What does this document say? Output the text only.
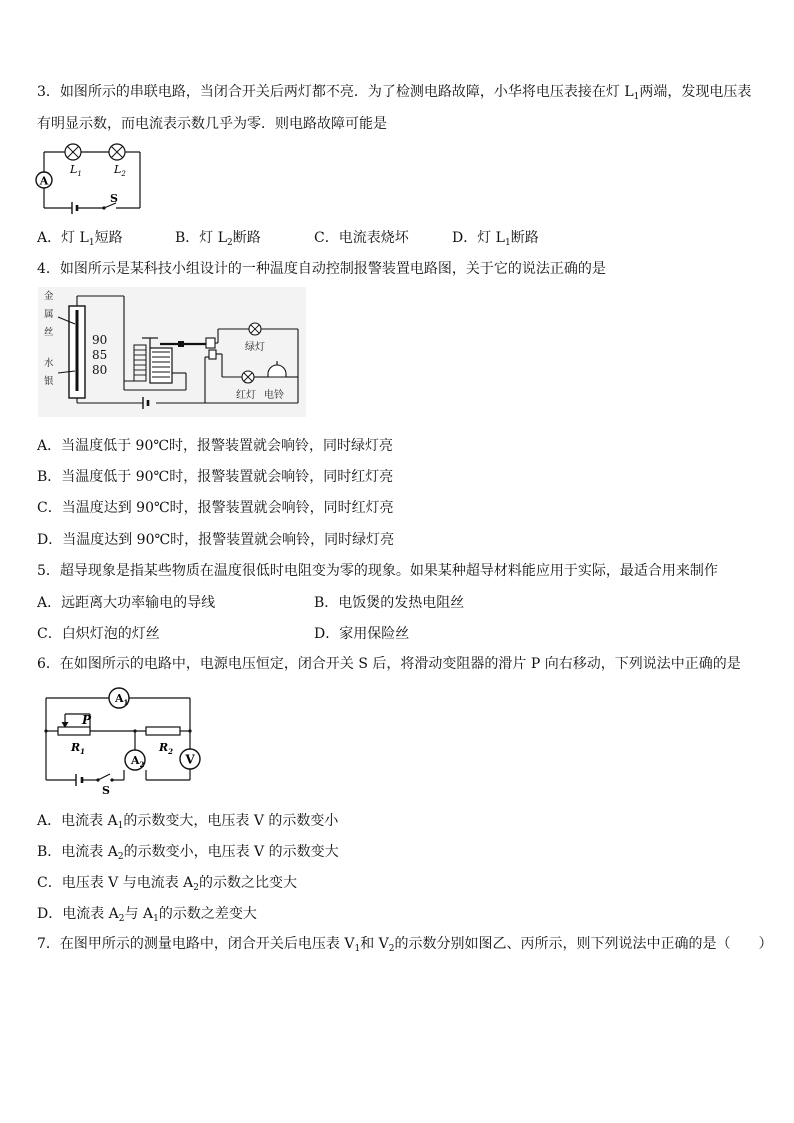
3．如图所示的串联电路，当闭合开关后两灯都不亮．为了检测电路故障，小华将电压表接在灯 $L_1$两端，发现电压表
有明显示数，而电流表示数几乎为零．则电路故障可能是
A
$L_1$	$L_2$
S
A．灯 $L_1$短路	B．灯 $L_2$断路	C．电流表烧坏	D．灯 $L_1$断路
4．如图所示是某科技小组设计的一种温度自动控制报警装置电路图，关于它的说法正确的是
金
属
丝
水
银
90
85
80
绿灯
红灯 电铃
A．当温度低于 90℃时，报警装置就会响铃，同时绿灯亮
B．当温度低于 90℃时，报警装置就会响铃，同时红灯亮
C．当温度达到 90℃时，报警装置就会响铃，同时红灯亮
D．当温度达到 90℃时，报警装置就会响铃，同时绿灯亮
5．超导现象是指某些物质在温度很低时电阻变为零的现象。如果某种超导材料能应用于实际，最适合用来制作
A．远距离大功率输电的导线	B．电饭煲的发热电阻丝
C．白炽灯泡的灯丝	D．家用保险丝
6．在如图所示的电路中，电源电压恒定，闭合开关 S 后，将滑动变阻器的滑片 P 向右移动，下列说法中正确的是
$A_1$
$A_2$	V
P
$R_1$	$R_2$
S
A．电流表 $A_1$的示数变大，电压表 V 的示数变小
B．电流表 $A_2$的示数变小，电压表 V 的示数变大
C．电压表 V 与电流表 $A_2$的示数之比变大
D．电流表 $A_2$与 $A_1$的示数之差变大
7．在图甲所示的测量电路中，闭合开关后电压表 $V_1$和 $V_2$的示数分别如图乙、丙所示，则下列说法中正确的是（　　）
